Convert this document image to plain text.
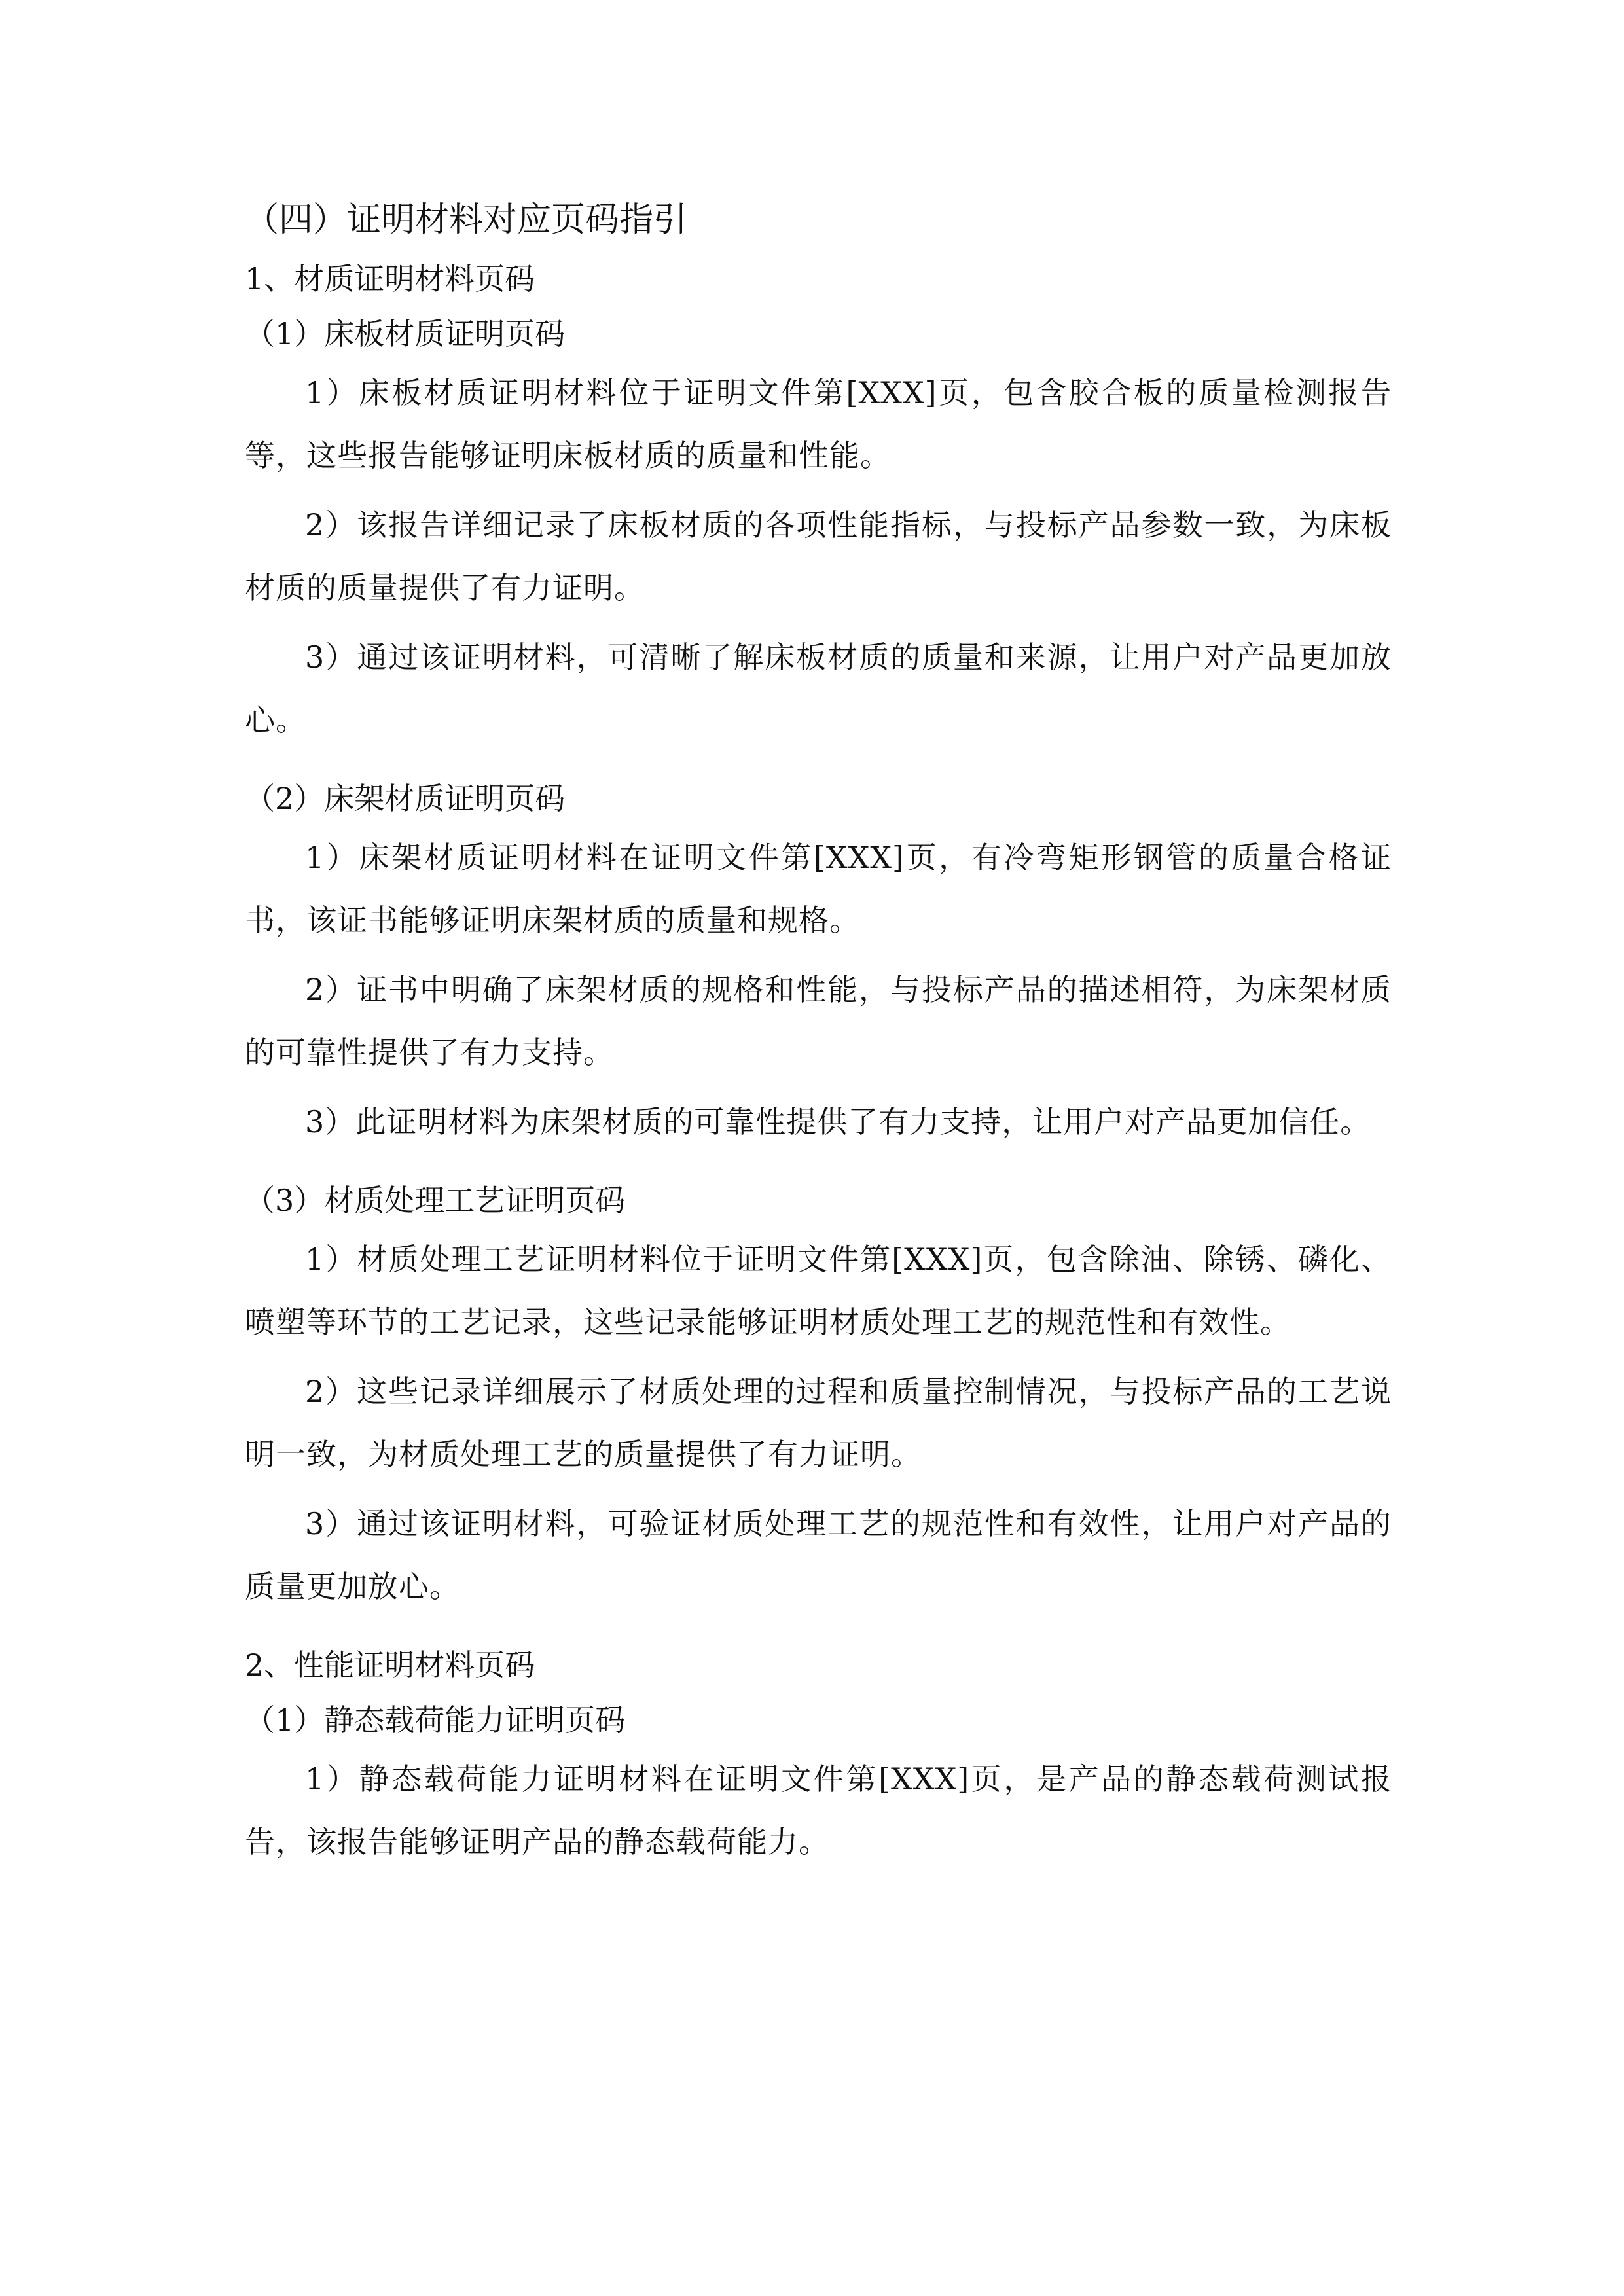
（四）证明材料对应页码指引
1、材质证明材料页码
（1）床板材质证明页码

1）床板材质证明材料位于证明文件第[XXX]页，包含胶合板的质量检测报告等，这些报告能够证明床板材质的质量和性能。

2）该报告详细记录了床板材质的各项性能指标，与投标产品参数一致，为床板材质的质量提供了有力证明。

3）通过该证明材料，可清晰了解床板材质的质量和来源，让用户对产品更加放心。

（2）床架材质证明页码

1）床架材质证明材料在证明文件第[XXX]页，有冷弯矩形钢管的质量合格证书，该证书能够证明床架材质的质量和规格。

2）证书中明确了床架材质的规格和性能，与投标产品的描述相符，为床架材质的可靠性提供了有力支持。

3）此证明材料为床架材质的可靠性提供了有力支持，让用户对产品更加信任。

（3）材质处理工艺证明页码

1）材质处理工艺证明材料位于证明文件第[XXX]页，包含除油、除锈、磷化、喷塑等环节的工艺记录，这些记录能够证明材质处理工艺的规范性和有效性。

2）这些记录详细展示了材质处理的过程和质量控制情况，与投标产品的工艺说明一致，为材质处理工艺的质量提供了有力证明。

3）通过该证明材料，可验证材质处理工艺的规范性和有效性，让用户对产品的质量更加放心。

2、性能证明材料页码
（1）静态载荷能力证明页码

1）静态载荷能力证明材料在证明文件第[XXX]页，是产品的静态载荷测试报告，该报告能够证明产品的静态载荷能力。
